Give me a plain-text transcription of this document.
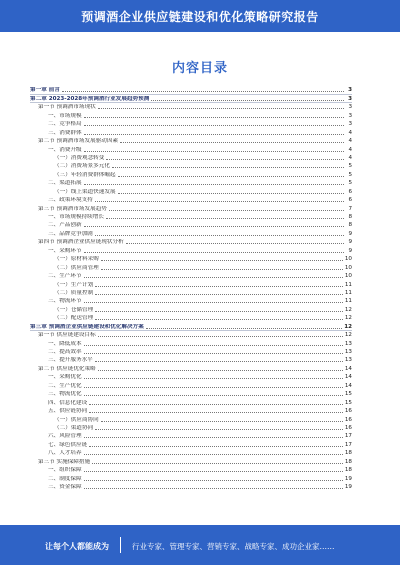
预调酒企业供应链建设和优化策略研究报告
内容目录
第一章 前言	3
第二章 2023-2028年预调酒行业发展趋势预测	3
第一节 预调酒市场现状	3
一、市场规模	3
二、竞争格局	3
三、消费群体	4
第二节 预调酒市场发展驱动因素	4
一、消费升级	4
（一）消费观念转变	4
（二）消费场景多元化	5
（三）年轻消费群体崛起	5
二、渠道拓展	5
（一）线上渠道快速发展	6
三、政策环境支持	6
第三节 预调酒市场发展趋势	7
一、市场规模持续增长	8
二、产品创新	8
三、品牌竞争加剧	9
第四节 预调酒企业供应链现状分析	9
一、采购环节	9
（一）原材料采购	10
（二）供应商管理	10
二、生产环节	10
（一）生产计划	11
（二）质量控制	11
三、物流环节	11
（一）仓储管理	12
（二）配送管理	12
第三章 预调酒企业供应链建设和优化解决方案	12
第一节 供应链建设目标	12
一、降低成本	13
二、提高效率	13
三、提升服务水平	13
第二节 供应链优化策略	14
一、采购优化	14
二、生产优化	14
三、物流优化	15
四、信息化建设	15
五、供应链协同	16
（一）供应商协同	16
（二）渠道协同	16
六、风险管理	17
七、绿色供应链	17
八、人才培养	18
第三节 实施保障措施	18
一、组织保障	18
二、制度保障	19
三、资金保障	19
让每个人都能成为	行业专家、管理专家、营销专家、战略专家、成功企业家……
